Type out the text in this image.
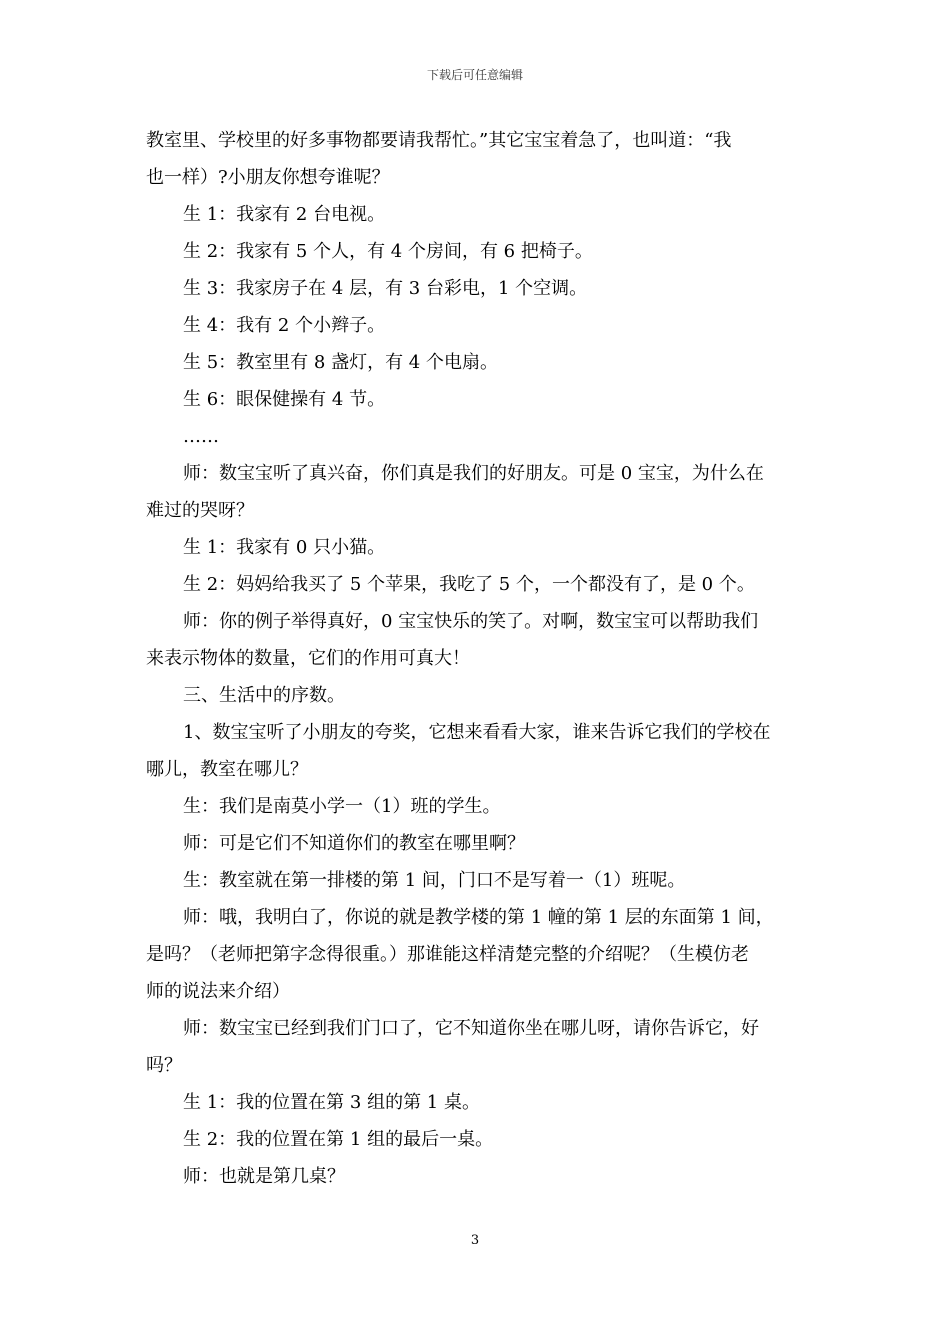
下载后可任意编辑
教室里、学校里的好多事物都要请我帮忙。”其它宝宝着急了，也叫道：“我
也一样）?小朋友你想夸谁呢？
生 1：我家有 2 台电视。
生 2：我家有 5 个人，有 4 个房间，有 6 把椅子。
生 3：我家房子在 4 层，有 3 台彩电，1 个空调。
生 4：我有 2 个小辫子。
生 5：教室里有 8 盏灯，有 4 个电扇。
生 6：眼保健操有 4 节。
……
师：数宝宝听了真兴奋，你们真是我们的好朋友。可是 0 宝宝，为什么在
难过的哭呀？
生 1：我家有 0 只小猫。
生 2：妈妈给我买了 5 个苹果，我吃了 5 个，一个都没有了，是 0 个。
师：你的例子举得真好，0 宝宝快乐的笑了。对啊，数宝宝可以帮助我们
来表示物体的数量，它们的作用可真大！
三、生活中的序数。
1、数宝宝听了小朋友的夸奖，它想来看看大家，谁来告诉它我们的学校在
哪儿，教室在哪儿？
生：我们是南莫小学一（1）班的学生。
师：可是它们不知道你们的教室在哪里啊？
生：教室就在第一排楼的第 1 间，门口不是写着一（1）班呢。
师：哦，我明白了，你说的就是教学楼的第 1 幢的第 1 层的东面第 1 间，
是吗？（老师把第字念得很重。）那谁能这样清楚完整的介绍呢？（生模仿老
师的说法来介绍）
师：数宝宝已经到我们门口了，它不知道你坐在哪儿呀，请你告诉它，好
吗？
生 1：我的位置在第 3 组的第 1 桌。
生 2：我的位置在第 1 组的最后一桌。
师：也就是第几桌？
3
